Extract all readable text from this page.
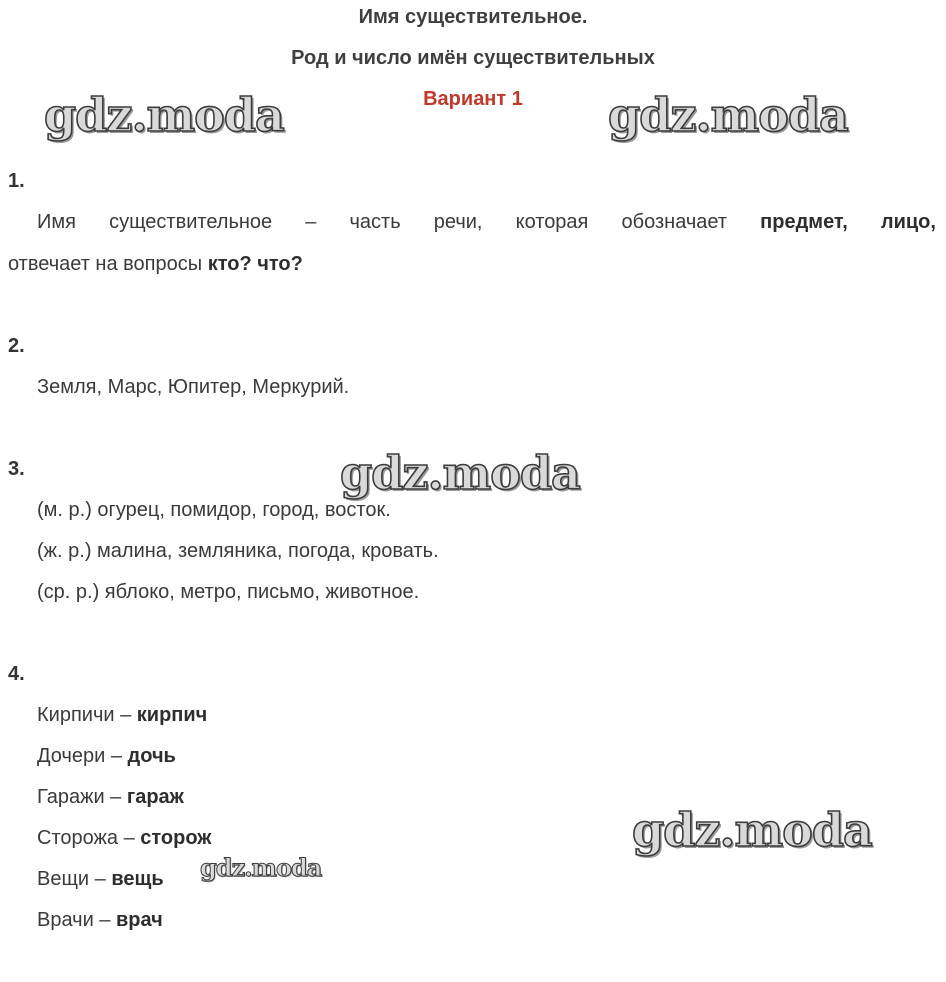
Имя существительное.
Род и число имён существительных
Вариант 1
gdz.moda	gdz.moda
gdz.moda
gdz.moda
gdz.moda
1.
Имя существительное – часть речи, которая обозначает предмет, лицо,
отвечает на вопросы кто? что?
2.
Земля, Марс, Юпитер, Меркурий.
3.
(м. р.) огурец, помидор, город, восток.
(ж. р.) малина, земляника, погода, кровать.
(ср. р.) яблоко, метро, письмо, животное.
4.
Кирпичи – кирпич
Дочери – дочь
Гаражи – гараж
Сторожа – сторож
Вещи – вещь
Врачи – врач
